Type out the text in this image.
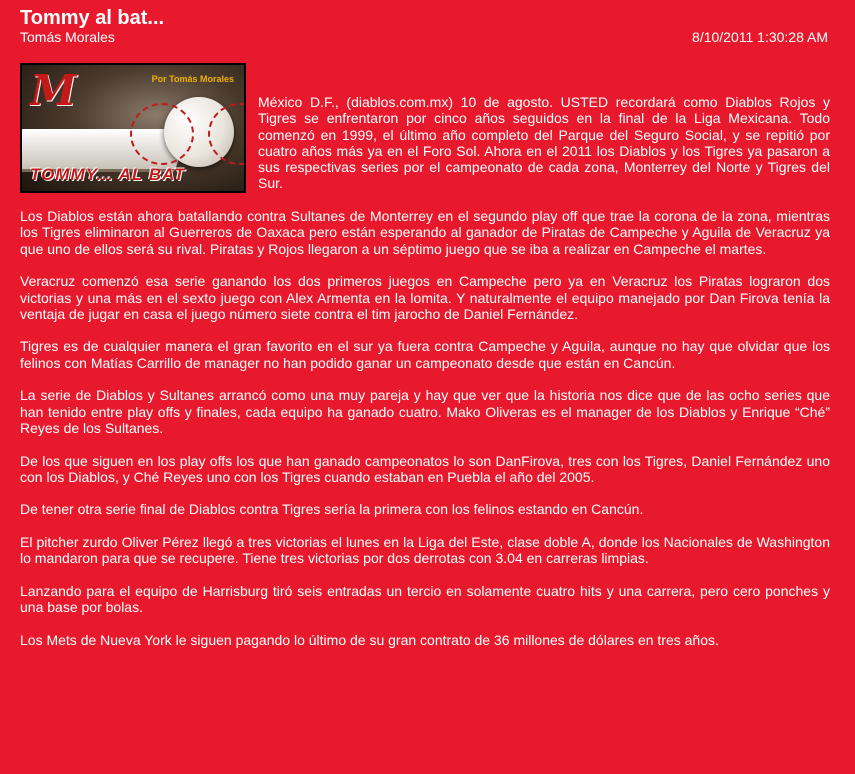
Tommy al bat...
Tomás Morales	8/10/2011 1:30:28 AM
M	Por Tomás Morales
TOMMY... AL BAT

México D.F., (diablos.com.mx) 10 de agosto. USTED recordará como Diablos Rojos y Tigres se enfrentaron por cinco años seguidos en la final de la Liga Mexicana. Todo comenzó en 1999, el último año completo del Parque del Seguro Social, y se repitió por cuatro años más ya en el Foro Sol. Ahora en el 2011 los Diablos y los Tigres ya pasaron a sus respectivas series por el campeonato de cada zona, Monterrey del Norte y Tigres del Sur.

Los Diablos están ahora batallando contra Sultanes de Monterrey en el segundo play off que trae la corona de la zona, mientras los Tigres eliminaron al Guerreros de Oaxaca pero están esperando al ganador de Piratas de Campeche y Aguila de Veracruz ya que uno de ellos será su rival. Piratas y Rojos llegaron a un séptimo juego que se iba a realizar en Campeche el martes.

Veracruz comenzó esa serie ganando los dos primeros juegos en Campeche pero ya en Veracruz los Piratas lograron dos victorias y una más en el sexto juego con Alex Armenta en la lomita. Y naturalmente el equipo manejado por Dan Firova tenía la ventaja de jugar en casa el juego número siete contra el tim jarocho de Daniel Fernández.

Tigres es de cualquier manera el gran favorito en el sur ya fuera contra Campeche y Aguila, aunque no hay que olvidar que los felinos con Matías Carrillo de manager no han podido ganar un campeonato desde que están en Cancún.

La serie de Diablos y Sultanes arrancó como una muy pareja y hay que ver que la historia nos dice que de las ocho series que han tenido entre play offs y finales, cada equipo ha ganado cuatro. Mako Oliveras es el manager de los Diablos y Enrique “Ché” Reyes de los Sultanes.

De los que siguen en los play offs los que han ganado campeonatos lo son DanFirova, tres con los Tigres, Daniel Fernández uno con los Diablos, y Ché Reyes uno con los Tigres cuando estaban en Puebla el año del 2005.

De tener otra serie final de Diablos contra Tigres sería la primera con los felinos estando en Cancún.

El pitcher zurdo Oliver Pérez llegó a tres victorias el lunes en la Liga del Este, clase doble A, donde los Nacionales de Washington lo mandaron para que se recupere. Tiene tres victorias por dos derrotas con 3.04 en carreras limpias.

Lanzando para el equipo de Harrisburg tiró seis entradas un tercio en solamente cuatro hits y una carrera, pero cero ponches y una base por bolas.

Los Mets de Nueva York le siguen pagando lo último de su gran contrato de 36 millones de dólares en tres años.
